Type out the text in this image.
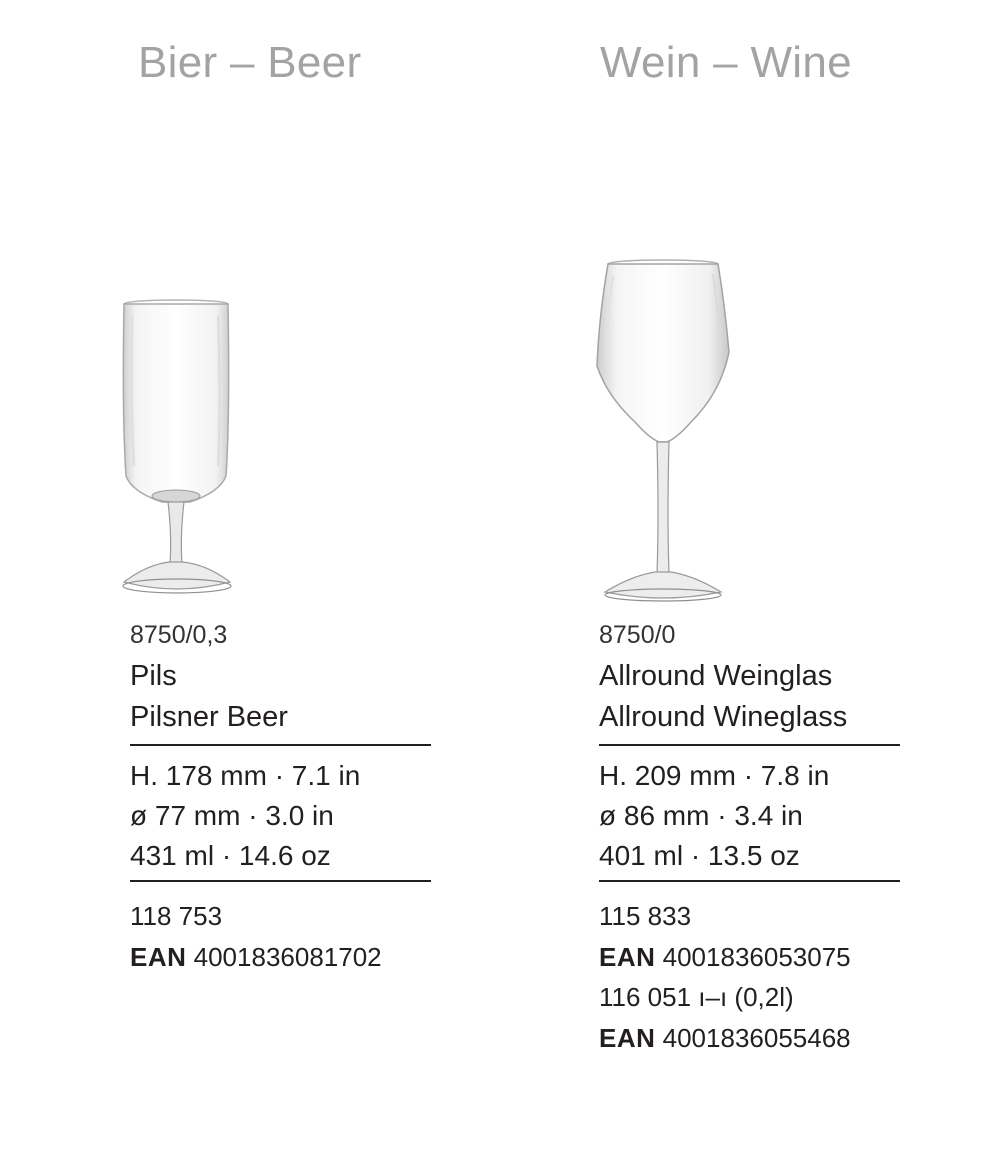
Bier – Beer
8750/0,3
Pils
Pilsner Beer
H. 178 mm · 7.1 in
ø 77 mm · 3.0 in
431 ml · 14.6 oz
118 753
EAN 4001836081702
Wein – Wine
8750/0
Allround Weinglas
Allround Wineglass
H. 209 mm · 7.8 in
ø 86 mm · 3.4 in
401 ml · 13.5 oz
115 833
EAN 4001836053075
116 051 ı–ı (0,2l)
EAN 4001836055468
